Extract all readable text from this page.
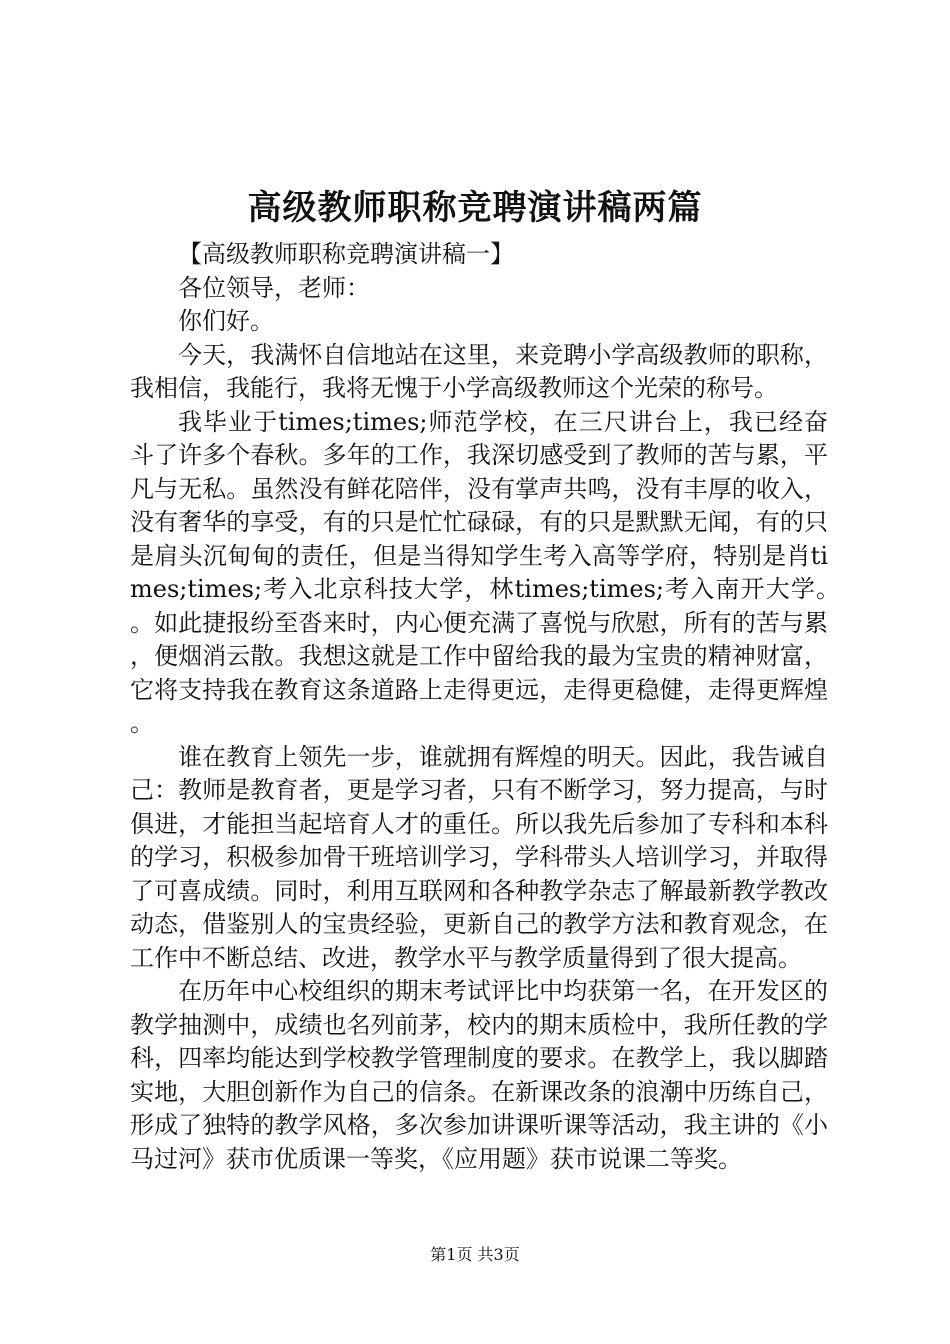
高级教师职称竞聘演讲稿两篇

【高级教师职称竞聘演讲稿一】

各位领导，老师：

你们好。

今天，我满怀自信地站在这里，来竞聘小学高级教师的职称，我相信，我能行，我将无愧于小学高级教师这个光荣的称号。

我毕业于times;times;师范学校，在三尺讲台上，我已经奋斗了许多个春秋。多年的工作，我深切感受到了教师的苦与累，平凡与无私。虽然没有鲜花陪伴，没有掌声共鸣，没有丰厚的收入，没有奢华的享受，有的只是忙忙碌碌，有的只是默默无闻，有的只是肩头沉甸甸的责任，但是当得知学生考入高等学府，特别是肖times;times;考入北京科技大学，林times;times;考入南开大学。。如此捷报纷至沓来时，内心便充满了喜悦与欣慰，所有的苦与累，便烟消云散。我想这就是工作中留给我的最为宝贵的精神财富，它将支持我在教育这条道路上走得更远，走得更稳健，走得更辉煌。

谁在教育上领先一步，谁就拥有辉煌的明天。因此，我告诫自己：教师是教育者，更是学习者，只有不断学习，努力提高，与时俱进，才能担当起培育人才的重任。所以我先后参加了专科和本科的学习，积极参加骨干班培训学习，学科带头人培训学习，并取得了可喜成绩。同时，利用互联网和各种教学杂志了解最新教学教改动态，借鉴别人的宝贵经验，更新自己的教学方法和教育观念，在工作中不断总结、改进，教学水平与教学质量得到了很大提高。

在历年中心校组织的期末考试评比中均获第一名，在开发区的教学抽测中，成绩也名列前茅，校内的期末质检中，我所任教的学科，四率均能达到学校教学管理制度的要求。在教学上，我以脚踏实地，大胆创新作为自己的信条。在新课改条的浪潮中历练自己，形成了独特的教学风格，多次参加讲课听课等活动，我主讲的《小马过河》获市优质课一等奖，《应用题》获市说课二等奖。

第1页 共3页
